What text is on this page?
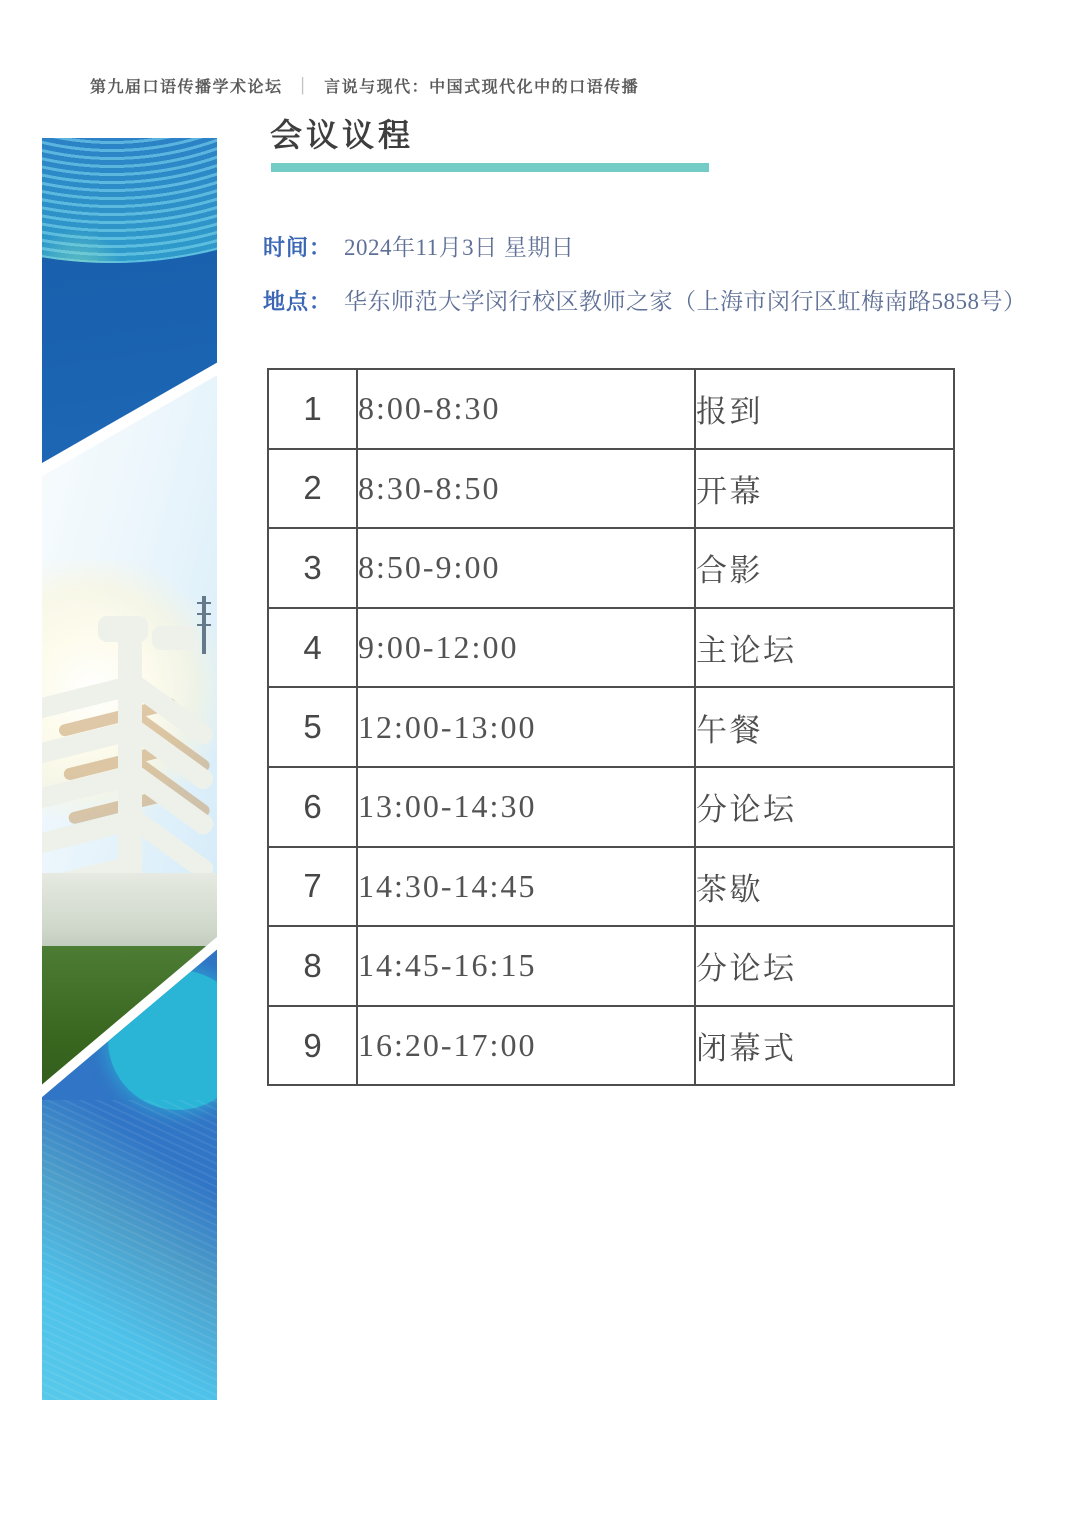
第九届口语传播学术论坛 | 言说与现代：中国式现代化中的口语传播
会议议程

时间： 2024年11月3日 星期日

地点： 华东师范大学闵行校区教师之家（上海市闵行区虹梅南路5858号）

1	8:00-8:30	报到
2	8:30-8:50	开幕
3	8:50-9:00	合影
4	9:00-12:00	主论坛
5	12:00-13:00	午餐
6	13:00-14:30	分论坛
7	14:30-14:45	茶歇
8	14:45-16:15	分论坛
9	16:20-17:00	闭幕式
